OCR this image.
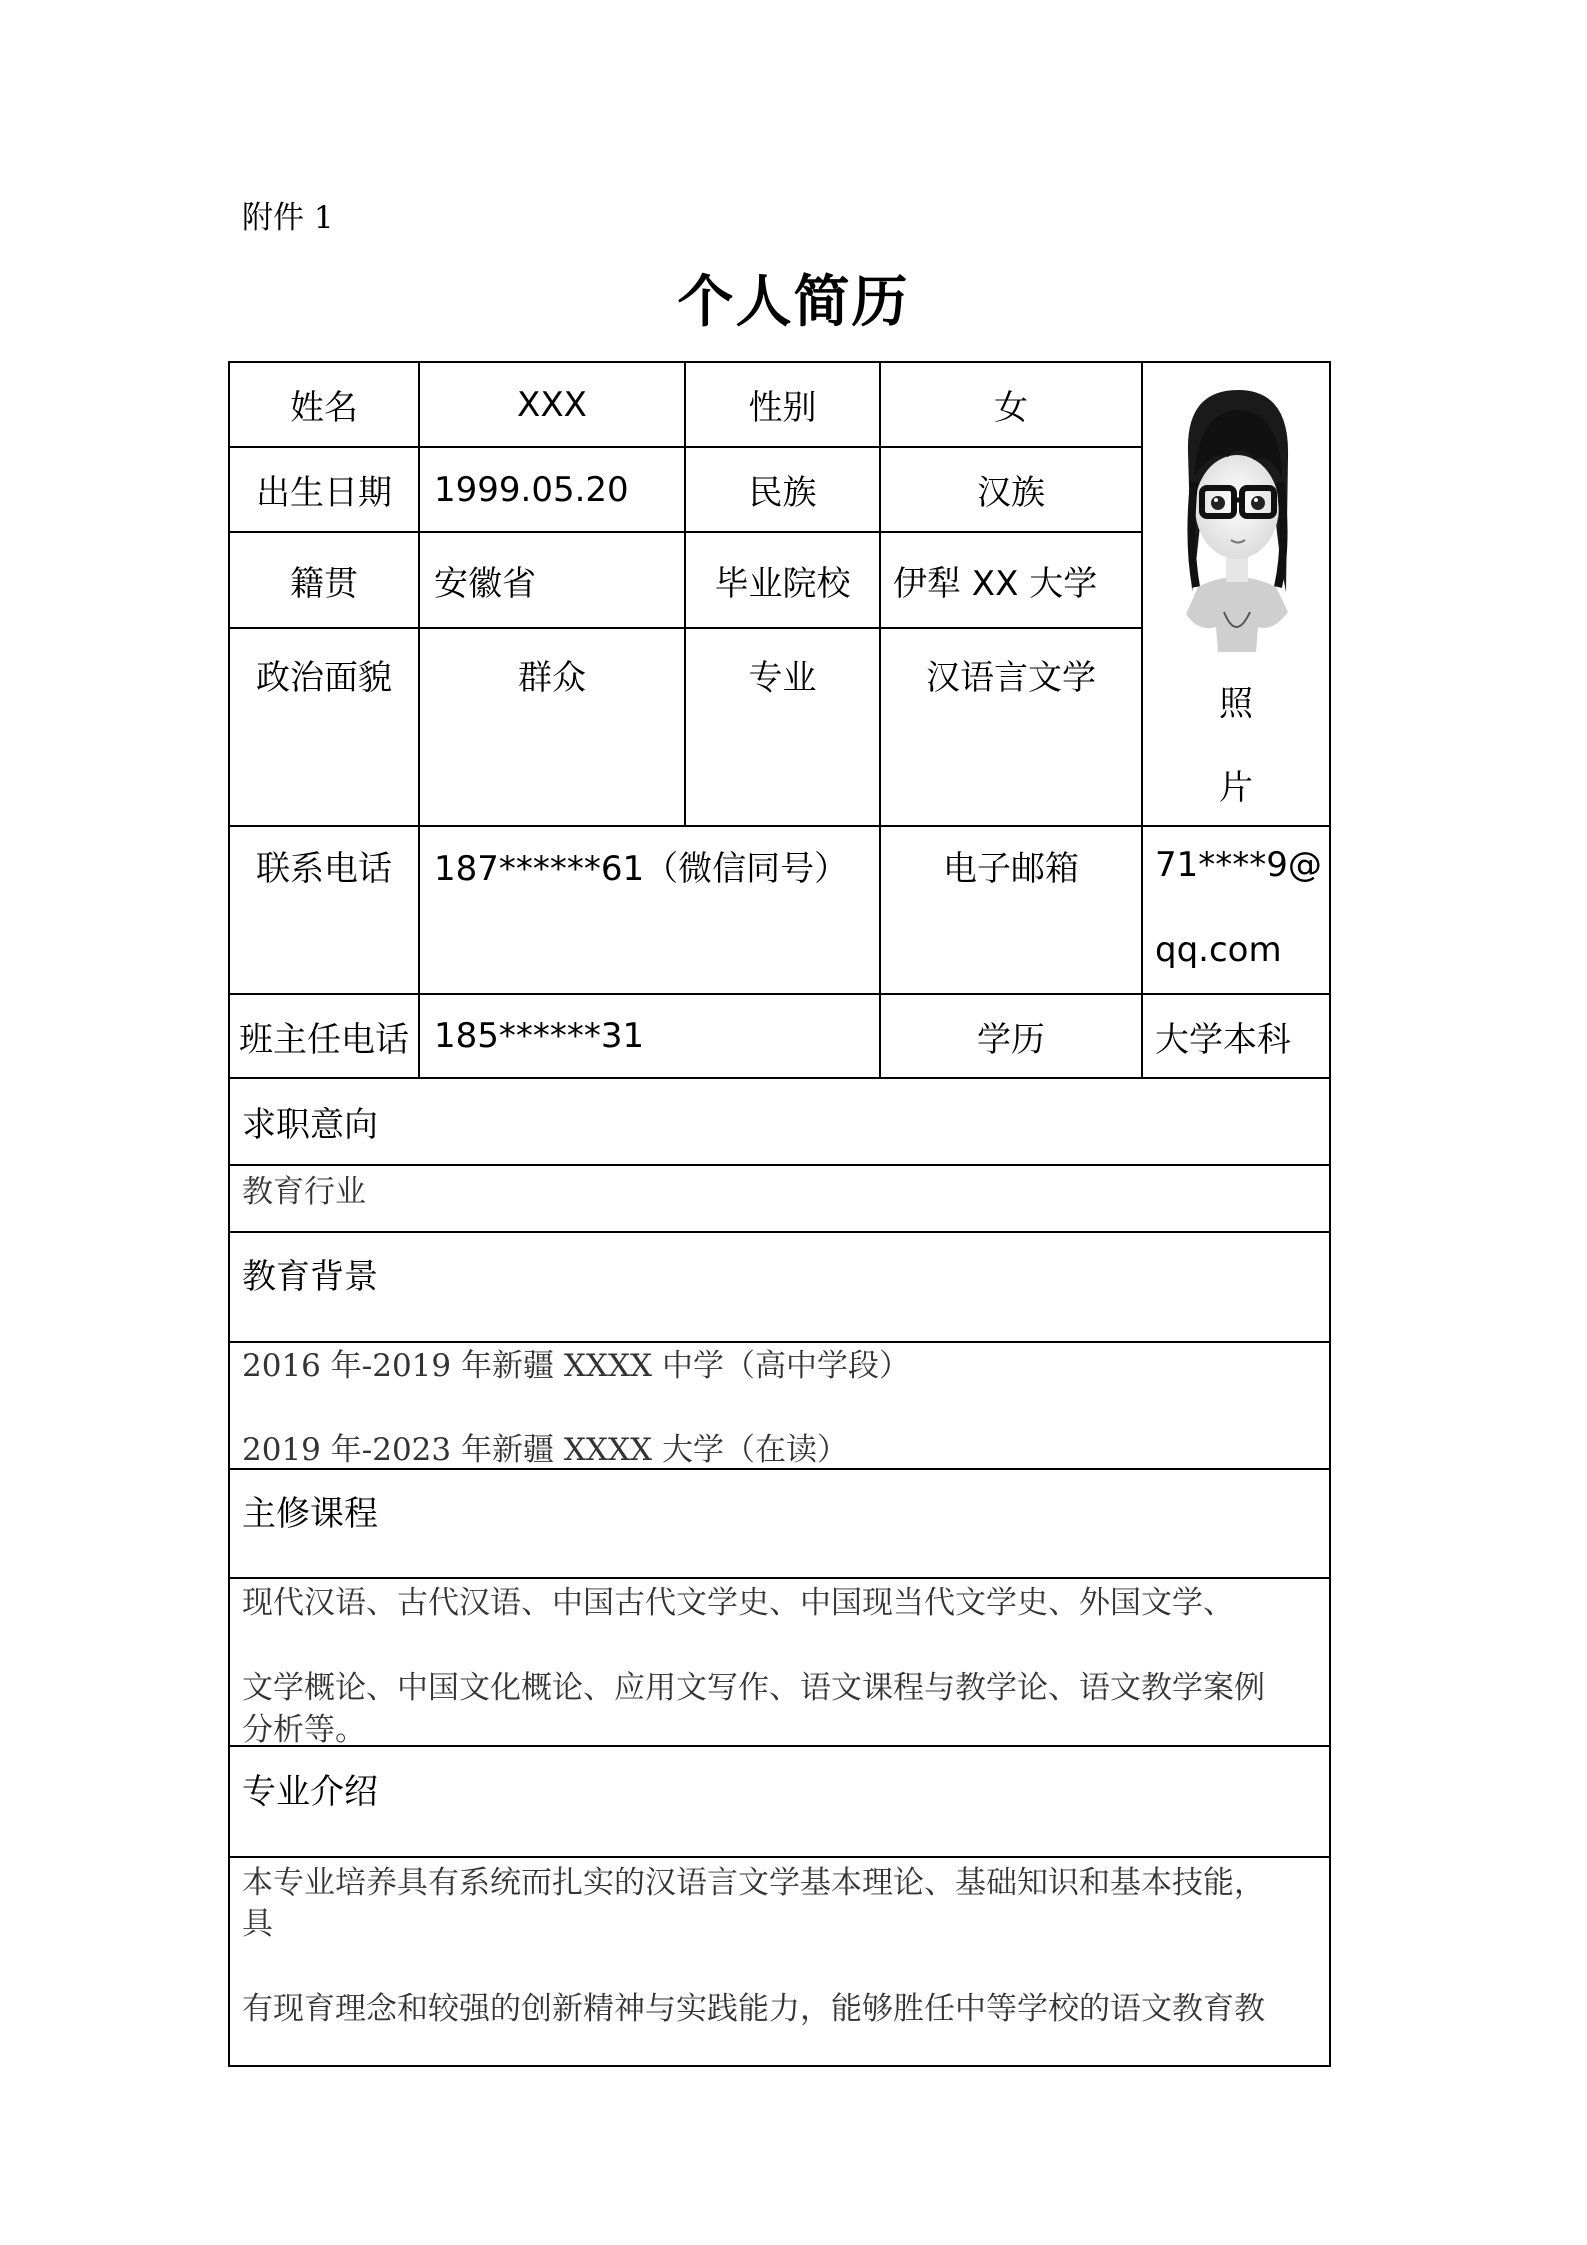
附件 1
个人简历
姓名	XXX	性别	女
出生日期	1999.05.20	民族	汉族
籍贯	安徽省	毕业院校	伊犁 XX 大学
政治面貌	群众	专业	汉语言文学
照
片
联系电话	187******61（微信同号）	电子邮箱	71****9@
qq.com
班主任电话 185******31	学历	大学本科
求职意向
教育行业
教育背景
2016 年-2019 年新疆 XXXX 中学（高中学段）
2019 年-2023 年新疆 XXXX 大学（在读）
主修课程
现代汉语、古代汉语、中国古代文学史、中国现当代文学史、外国文学、
文学概论、中国文化概论、应用文写作、语文课程与教学论、语文教学案例
分析等。
专业介绍
本专业培养具有系统而扎实的汉语言文学基本理论、基础知识和基本技能，
具
有现育理念和较强的创新精神与实践能力，能够胜任中等学校的语文教育教
